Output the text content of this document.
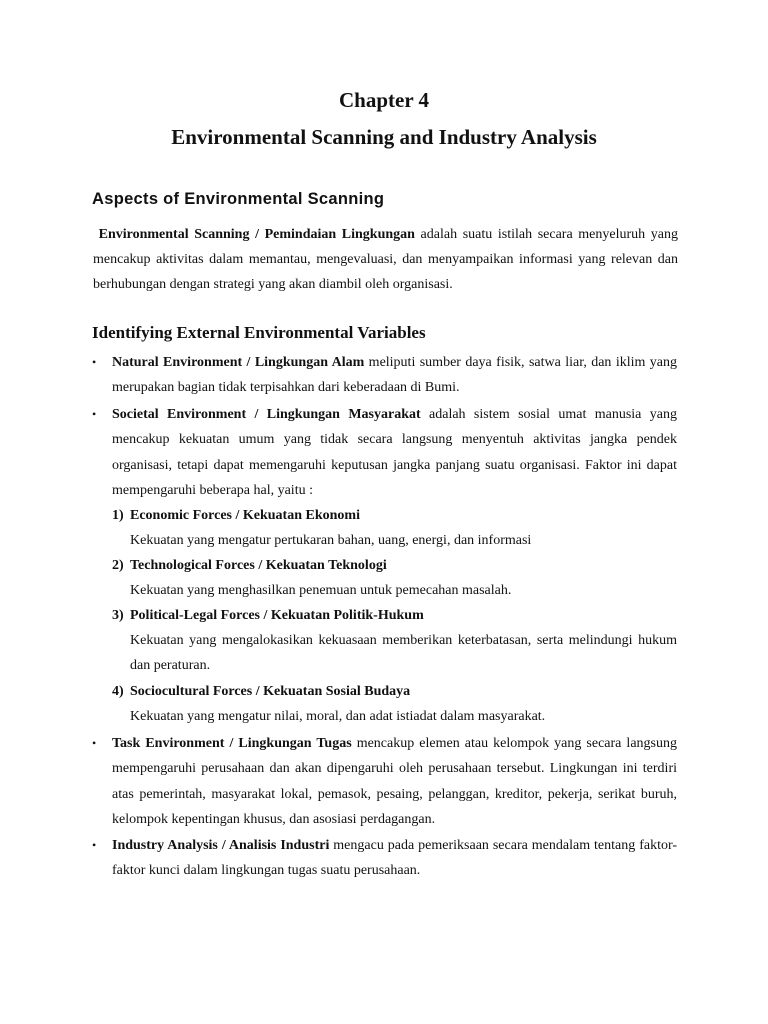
Chapter 4
Environmental Scanning and Industry Analysis
Aspects of Environmental Scanning
Environmental Scanning / Pemindaian Lingkungan adalah suatu istilah secara menyeluruh yang mencakup aktivitas dalam memantau, mengevaluasi, dan menyampaikan informasi yang relevan dan berhubungan dengan strategi yang akan diambil oleh organisasi.
Identifying External Environmental Variables
•	Natural Environment / Lingkungan Alam meliputi sumber daya fisik, satwa liar, dan iklim yang merupakan bagian tidak terpisahkan dari keberadaan di Bumi.
•	Societal Environment / Lingkungan Masyarakat adalah sistem sosial umat manusia yang mencakup kekuatan umum yang tidak secara langsung menyentuh aktivitas jangka pendek organisasi, tetapi dapat memengaruhi keputusan jangka panjang suatu organisasi. Faktor ini dapat mempengaruhi beberapa hal, yaitu :
1) Economic Forces / Kekuatan Ekonomi
Kekuatan yang mengatur pertukaran bahan, uang, energi, dan informasi
2) Technological Forces / Kekuatan Teknologi
Kekuatan yang menghasilkan penemuan untuk pemecahan masalah.
3) Political-Legal Forces / Kekuatan Politik-Hukum
Kekuatan yang mengalokasikan kekuasaan memberikan keterbatasan, serta melindungi hukum dan peraturan.
4) Sociocultural Forces / Kekuatan Sosial Budaya
Kekuatan yang mengatur nilai, moral, dan adat istiadat dalam masyarakat.
•	Task Environment / Lingkungan Tugas mencakup elemen atau kelompok yang secara langsung mempengaruhi perusahaan dan akan dipengaruhi oleh perusahaan tersebut. Lingkungan ini terdiri atas pemerintah, masyarakat lokal, pemasok, pesaing, pelanggan, kreditor, pekerja, serikat buruh, kelompok kepentingan khusus, dan asosiasi perdagangan.
•	Industry Analysis / Analisis Industri mengacu pada pemeriksaan secara mendalam tentang faktor-faktor kunci dalam lingkungan tugas suatu perusahaan.
